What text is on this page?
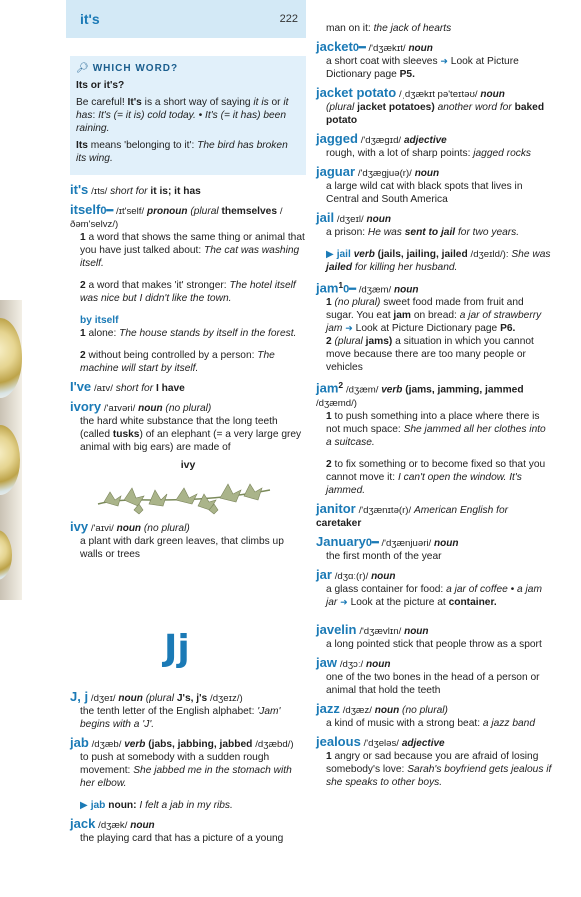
it's	222
🔎︎ WHICH WORD?

Its or it's?

Be careful! It's is a short way of saying it is or it has: It's (= it is) cold today. • It's (= it has) been raining.

Its means 'belonging to it': The bird has broken its wing.

it's /ɪts/ short for it is; it has
itself0━ /ɪt'self/ pronoun (plural themselves /ðəm'selvz/)
1 a word that shows the same thing or animal that you have just talked about: The cat was washing itself.
2 a word that makes 'it' stronger: The hotel itself was nice but I didn't like the town.
by itself
1 alone: The house stands by itself in the forest.
2 without being controlled by a person: The machine will start by itself.
I've /aɪv/ short for I have
ivory /'aɪvəri/ noun (no plural)
the hard white substance that the long teeth (called tusks) of an elephant (= a very large grey animal with big ears) are made of
ivy
ivy /'aɪvi/ noun (no plural)
a plant with dark green leaves, that climbs up walls or trees
Jj
J, j /dʒeɪ/ noun (plural J's, j's /dʒeɪz/)
the tenth letter of the English alphabet: 'Jam' begins with a 'J'.
jab /dʒæb/ verb (jabs, jabbing, jabbed /dʒæbd/)
to push at somebody with a sudden rough movement: She jabbed me in the stomach with her elbow.
▶ jab noun: I felt a jab in my ribs.
jack /dʒæk/ noun
the playing card that has a picture of a young
man on it: the jack of hearts
jacket0━ /'dʒækɪt/ noun
a short coat with sleeves ➜ Look at Picture Dictionary page P5.
jacket potato /ˌdʒækɪt pə'teɪtəʊ/ noun
(plural jacket potatoes) another word for baked potato
jagged /'dʒægɪd/ adjective
rough, with a lot of sharp points: jagged rocks
jaguar /'dʒægjuə(r)/ noun
a large wild cat with black spots that lives in Central and South America
jail /dʒeɪl/ noun
a prison: He was sent to jail for two years.
▶ jail verb (jails, jailing, jailed /dʒeɪld/): She was jailed for killing her husband.
jam$^1$0━ /dʒæm/ noun
1 (no plural) sweet food made from fruit and sugar. You eat jam on bread: a jar of strawberry jam ➜ Look at Picture Dictionary page P6.
2 (plural jams) a situation in which you cannot move because there are too many people or vehicles
jam$^2$ /dʒæm/ verb (jams, jamming, jammed /dʒæmd/)
1 to push something into a place where there is not much space: She jammed all her clothes into a suitcase.
2 to fix something or to become fixed so that you cannot move it: I can't open the window. It's jammed.
janitor /'dʒænɪtə(r)/ American English for caretaker
January0━ /'dʒænjuəri/ noun
the first month of the year
jar /dʒɑː(r)/ noun
a glass container for food: a jar of coffee • a jam jar ➜ Look at the picture at container.
javelin /'dʒævlɪn/ noun
a long pointed stick that people throw as a sport
jaw /dʒɔː/ noun
one of the two bones in the head of a person or animal that hold the teeth
jazz /dʒæz/ noun (no plural)
a kind of music with a strong beat: a jazz band
jealous /'dʒeləs/ adjective
1 angry or sad because you are afraid of losing somebody's love: Sarah's boyfriend gets jealous if she speaks to other boys.
